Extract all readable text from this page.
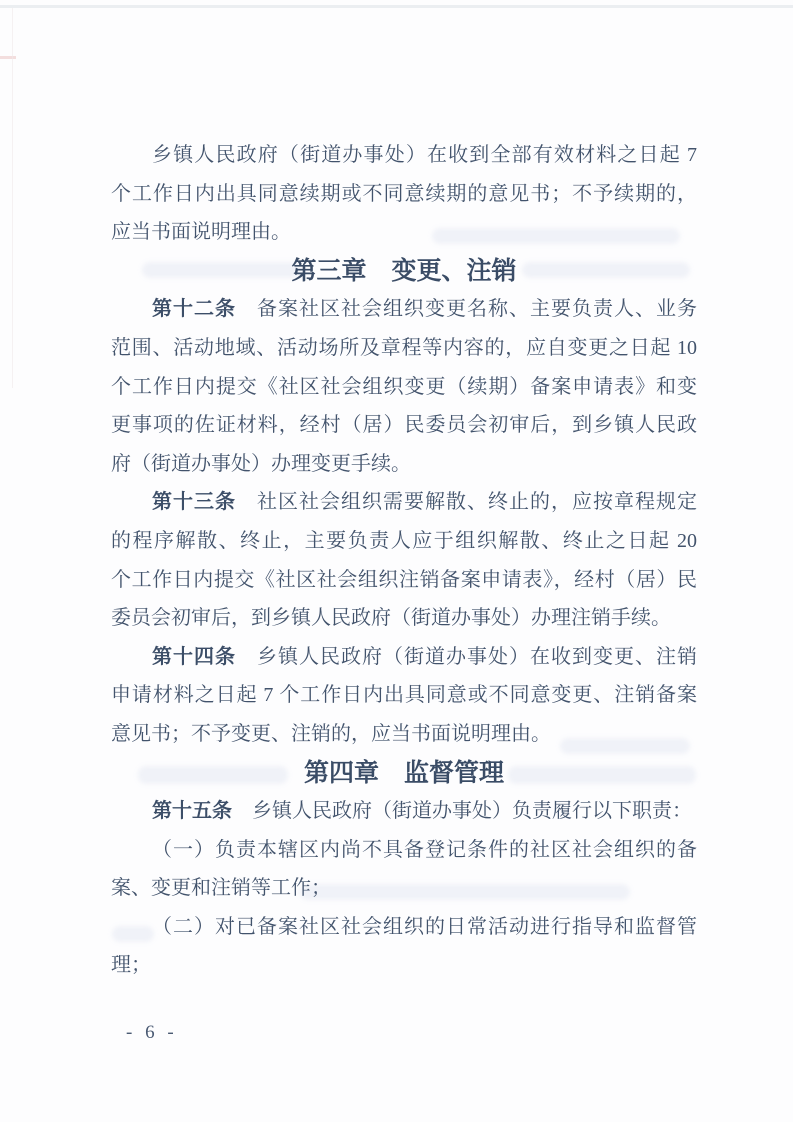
乡镇人民政府（街道办事处）在收到全部有效材料之日起 7
个工作日内出具同意续期或不同意续期的意见书；不予续期的，
应当书面说明理由。
第三章　变更、注销
第十二条　备案社区社会组织变更名称、主要负责人、业务
范围、活动地域、活动场所及章程等内容的，应自变更之日起 10
个工作日内提交《社区社会组织变更（续期）备案申请表》和变
更事项的佐证材料，经村（居）民委员会初审后，到乡镇人民政
府（街道办事处）办理变更手续。
第十三条　社区社会组织需要解散、终止的，应按章程规定
的程序解散、终止，主要负责人应于组织解散、终止之日起 20
个工作日内提交《社区社会组织注销备案申请表》，经村（居）民
委员会初审后，到乡镇人民政府（街道办事处）办理注销手续。
第十四条　乡镇人民政府（街道办事处）在收到变更、注销
申请材料之日起 7 个工作日内出具同意或不同意变更、注销备案
意见书；不予变更、注销的，应当书面说明理由。
第四章　监督管理
第十五条　乡镇人民政府（街道办事处）负责履行以下职责：
（一）负责本辖区内尚不具备登记条件的社区社会组织的备
案、变更和注销等工作；
（二）对已备案社区社会组织的日常活动进行指导和监督管
理；
- 6 -
